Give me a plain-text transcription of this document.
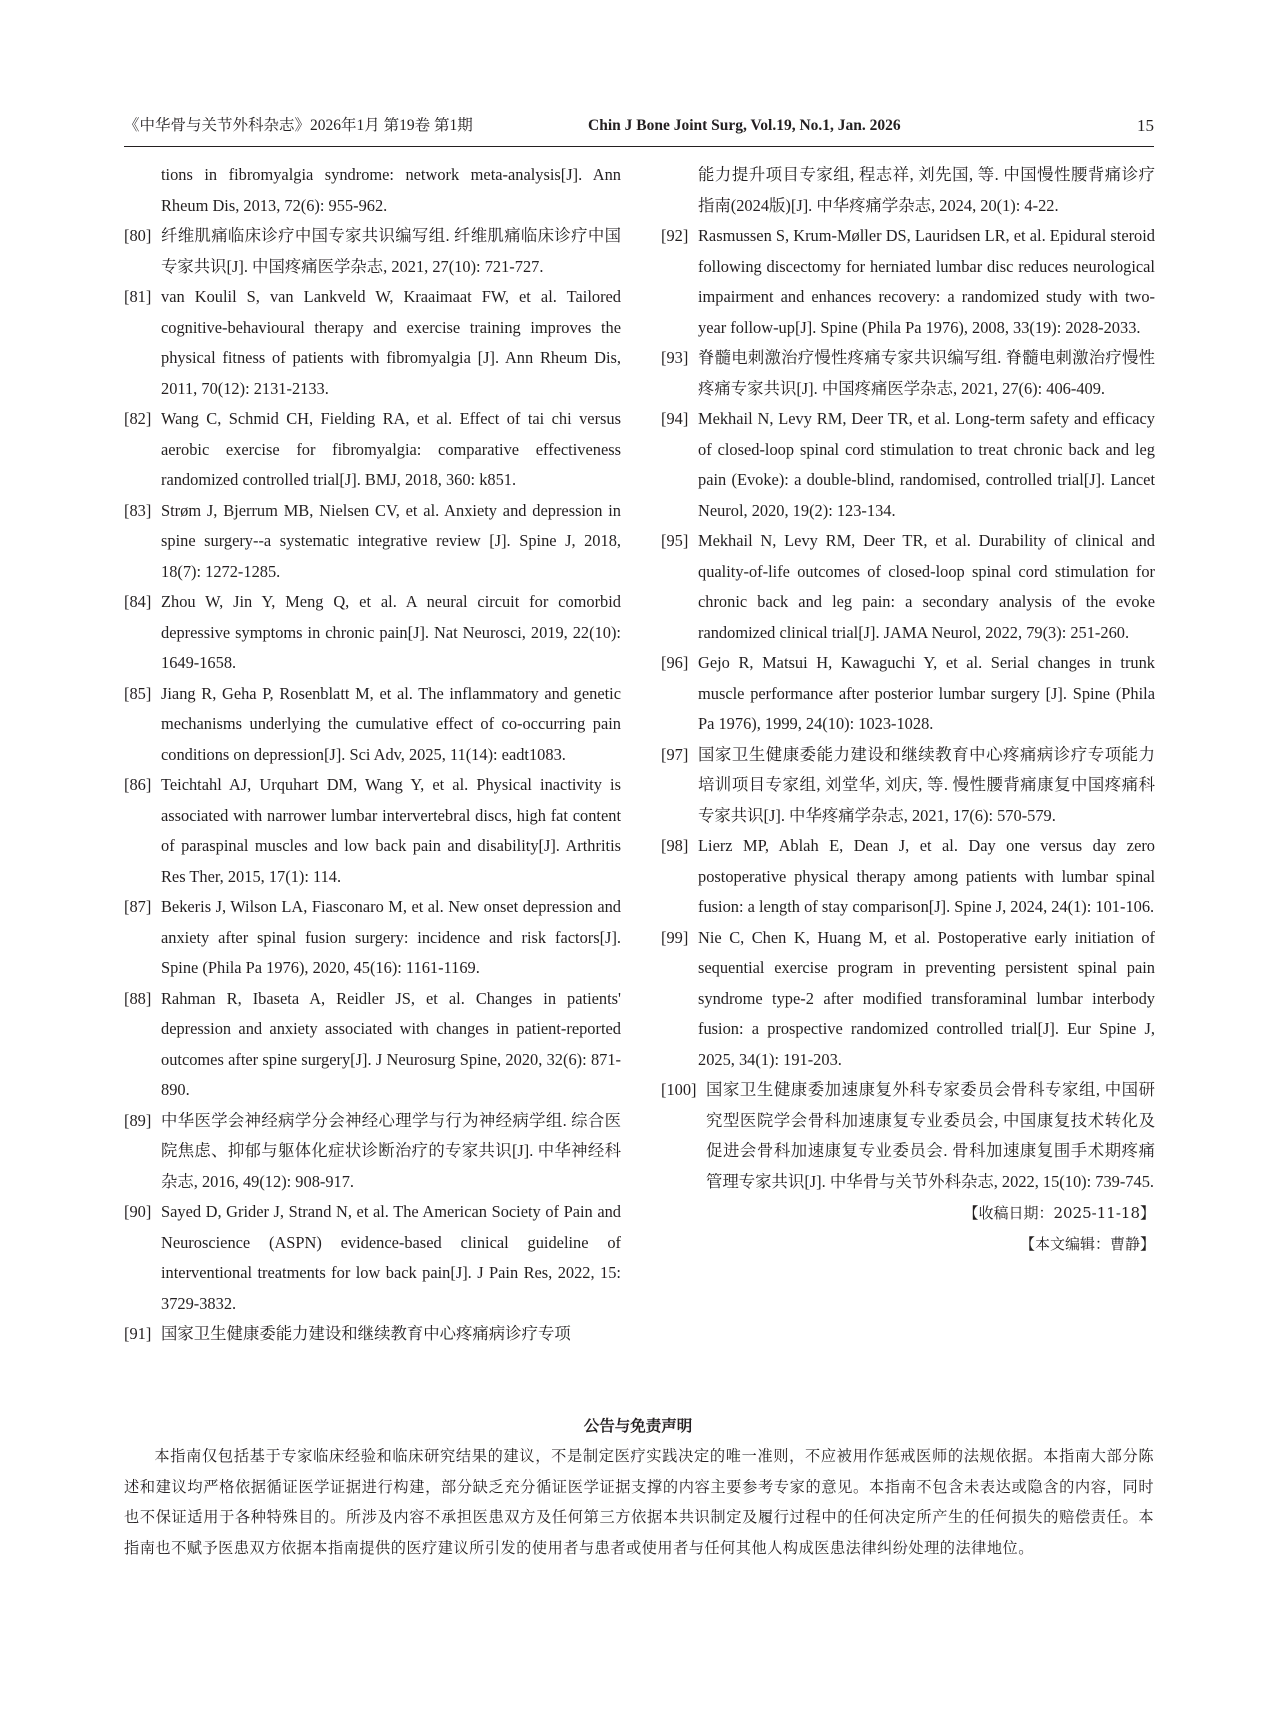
《中华骨与关节外科杂志》2026年1月 第19卷 第1期	Chin J Bone Joint Surg, Vol.19, No.1, Jan. 2026	15
tions in fibromyalgia syndrome: network meta-analysis[J]. Ann Rheum Dis, 2013, 72(6): 955-962.
[80] 纤维肌痛临床诊疗中国专家共识编写组. 纤维肌痛临床诊疗中国专家共识[J]. 中国疼痛医学杂志, 2021, 27(10): 721-727.
[81] van Koulil S, van Lankveld W, Kraaimaat FW, et al. Tailored cognitive-behavioural therapy and exercise training improves the physical fitness of patients with fibromyalgia [J]. Ann Rheum Dis, 2011, 70(12): 2131-2133.
[82] Wang C, Schmid CH, Fielding RA, et al. Effect of tai chi versus aerobic exercise for fibromyalgia: comparative effectiveness randomized controlled trial[J]. BMJ, 2018, 360: k851.
[83] Strøm J, Bjerrum MB, Nielsen CV, et al. Anxiety and depression in spine surgery--a systematic integrative review [J]. Spine J, 2018, 18(7): 1272-1285.
[84] Zhou W, Jin Y, Meng Q, et al. A neural circuit for comorbid depressive symptoms in chronic pain[J]. Nat Neurosci, 2019, 22(10): 1649-1658.
[85] Jiang R, Geha P, Rosenblatt M, et al. The inflammatory and genetic mechanisms underlying the cumulative effect of co-occurring pain conditions on depression[J]. Sci Adv, 2025, 11(14): eadt1083.
[86] Teichtahl AJ, Urquhart DM, Wang Y, et al. Physical inactivity is associated with narrower lumbar intervertebral discs, high fat content of paraspinal muscles and low back pain and disability[J]. Arthritis Res Ther, 2015, 17(1): 114.
[87] Bekeris J, Wilson LA, Fiasconaro M, et al. New onset depression and anxiety after spinal fusion surgery: incidence and risk factors[J]. Spine (Phila Pa 1976), 2020, 45(16): 1161-1169.
[88] Rahman R, Ibaseta A, Reidler JS, et al. Changes in patients' depression and anxiety associated with changes in patient-reported outcomes after spine surgery[J]. J Neurosurg Spine, 2020, 32(6): 871-890.
[89] 中华医学会神经病学分会神经心理学与行为神经病学组. 综合医院焦虑、抑郁与躯体化症状诊断治疗的专家共识[J]. 中华神经科杂志, 2016, 49(12): 908-917.
[90] Sayed D, Grider J, Strand N, et al. The American Society of Pain and Neuroscience (ASPN) evidence-based clinical guideline of interventional treatments for low back pain[J]. J Pain Res, 2022, 15: 3729-3832.
[91] 国家卫生健康委能力建设和继续教育中心疼痛病诊疗专项
能力提升项目专家组, 程志祥, 刘先国, 等. 中国慢性腰背痛诊疗指南(2024版)[J]. 中华疼痛学杂志, 2024, 20(1): 4-22.
[92] Rasmussen S, Krum-Møller DS, Lauridsen LR, et al. Epidural steroid following discectomy for herniated lumbar disc reduces neurological impairment and enhances recovery: a randomized study with two-year follow-up[J]. Spine (Phila Pa 1976), 2008, 33(19): 2028-2033.
[93] 脊髓电刺激治疗慢性疼痛专家共识编写组. 脊髓电刺激治疗慢性疼痛专家共识[J]. 中国疼痛医学杂志, 2021, 27(6): 406-409.
[94] Mekhail N, Levy RM, Deer TR, et al. Long-term safety and efficacy of closed-loop spinal cord stimulation to treat chronic back and leg pain (Evoke): a double-blind, randomised, controlled trial[J]. Lancet Neurol, 2020, 19(2): 123-134.
[95] Mekhail N, Levy RM, Deer TR, et al. Durability of clinical and quality-of-life outcomes of closed-loop spinal cord stimulation for chronic back and leg pain: a secondary analysis of the evoke randomized clinical trial[J]. JAMA Neurol, 2022, 79(3): 251-260.
[96] Gejo R, Matsui H, Kawaguchi Y, et al. Serial changes in trunk muscle performance after posterior lumbar surgery [J]. Spine (Phila Pa 1976), 1999, 24(10): 1023-1028.
[97] 国家卫生健康委能力建设和继续教育中心疼痛病诊疗专项能力培训项目专家组, 刘堂华, 刘庆, 等. 慢性腰背痛康复中国疼痛科专家共识[J]. 中华疼痛学杂志, 2021, 17(6): 570-579.
[98] Lierz MP, Ablah E, Dean J, et al. Day one versus day zero postoperative physical therapy among patients with lumbar spinal fusion: a length of stay comparison[J]. Spine J, 2024, 24(1): 101-106.
[99] Nie C, Chen K, Huang M, et al. Postoperative early initiation of sequential exercise program in preventing persistent spinal pain syndrome type-2 after modified transforaminal lumbar interbody fusion: a prospective randomized controlled trial[J]. Eur Spine J, 2025, 34(1): 191-203.
[100] 国家卫生健康委加速康复外科专家委员会骨科专家组, 中国研究型医院学会骨科加速康复专业委员会, 中国康复技术转化及促进会骨科加速康复专业委员会. 骨科加速康复围手术期疼痛管理专家共识[J]. 中华骨与关节外科杂志, 2022, 15(10): 739-745.
【收稿日期：2025-11-18】
【本文编辑：曹静】
公告与免责声明
本指南仅包括基于专家临床经验和临床研究结果的建议，不是制定医疗实践决定的唯一准则，不应被用作惩戒医师的法规依据。本指南大部分陈述和建议均严格依据循证医学证据进行构建，部分缺乏充分循证医学证据支撑的内容主要参考专家的意见。本指南不包含未表达或隐含的内容，同时也不保证适用于各种特殊目的。所涉及内容不承担医患双方及任何第三方依据本共识制定及履行过程中的任何决定所产生的任何损失的赔偿责任。本指南也不赋予医患双方依据本指南提供的医疗建议所引发的使用者与患者或使用者与任何其他人构成医患法律纠纷处理的法律地位。
